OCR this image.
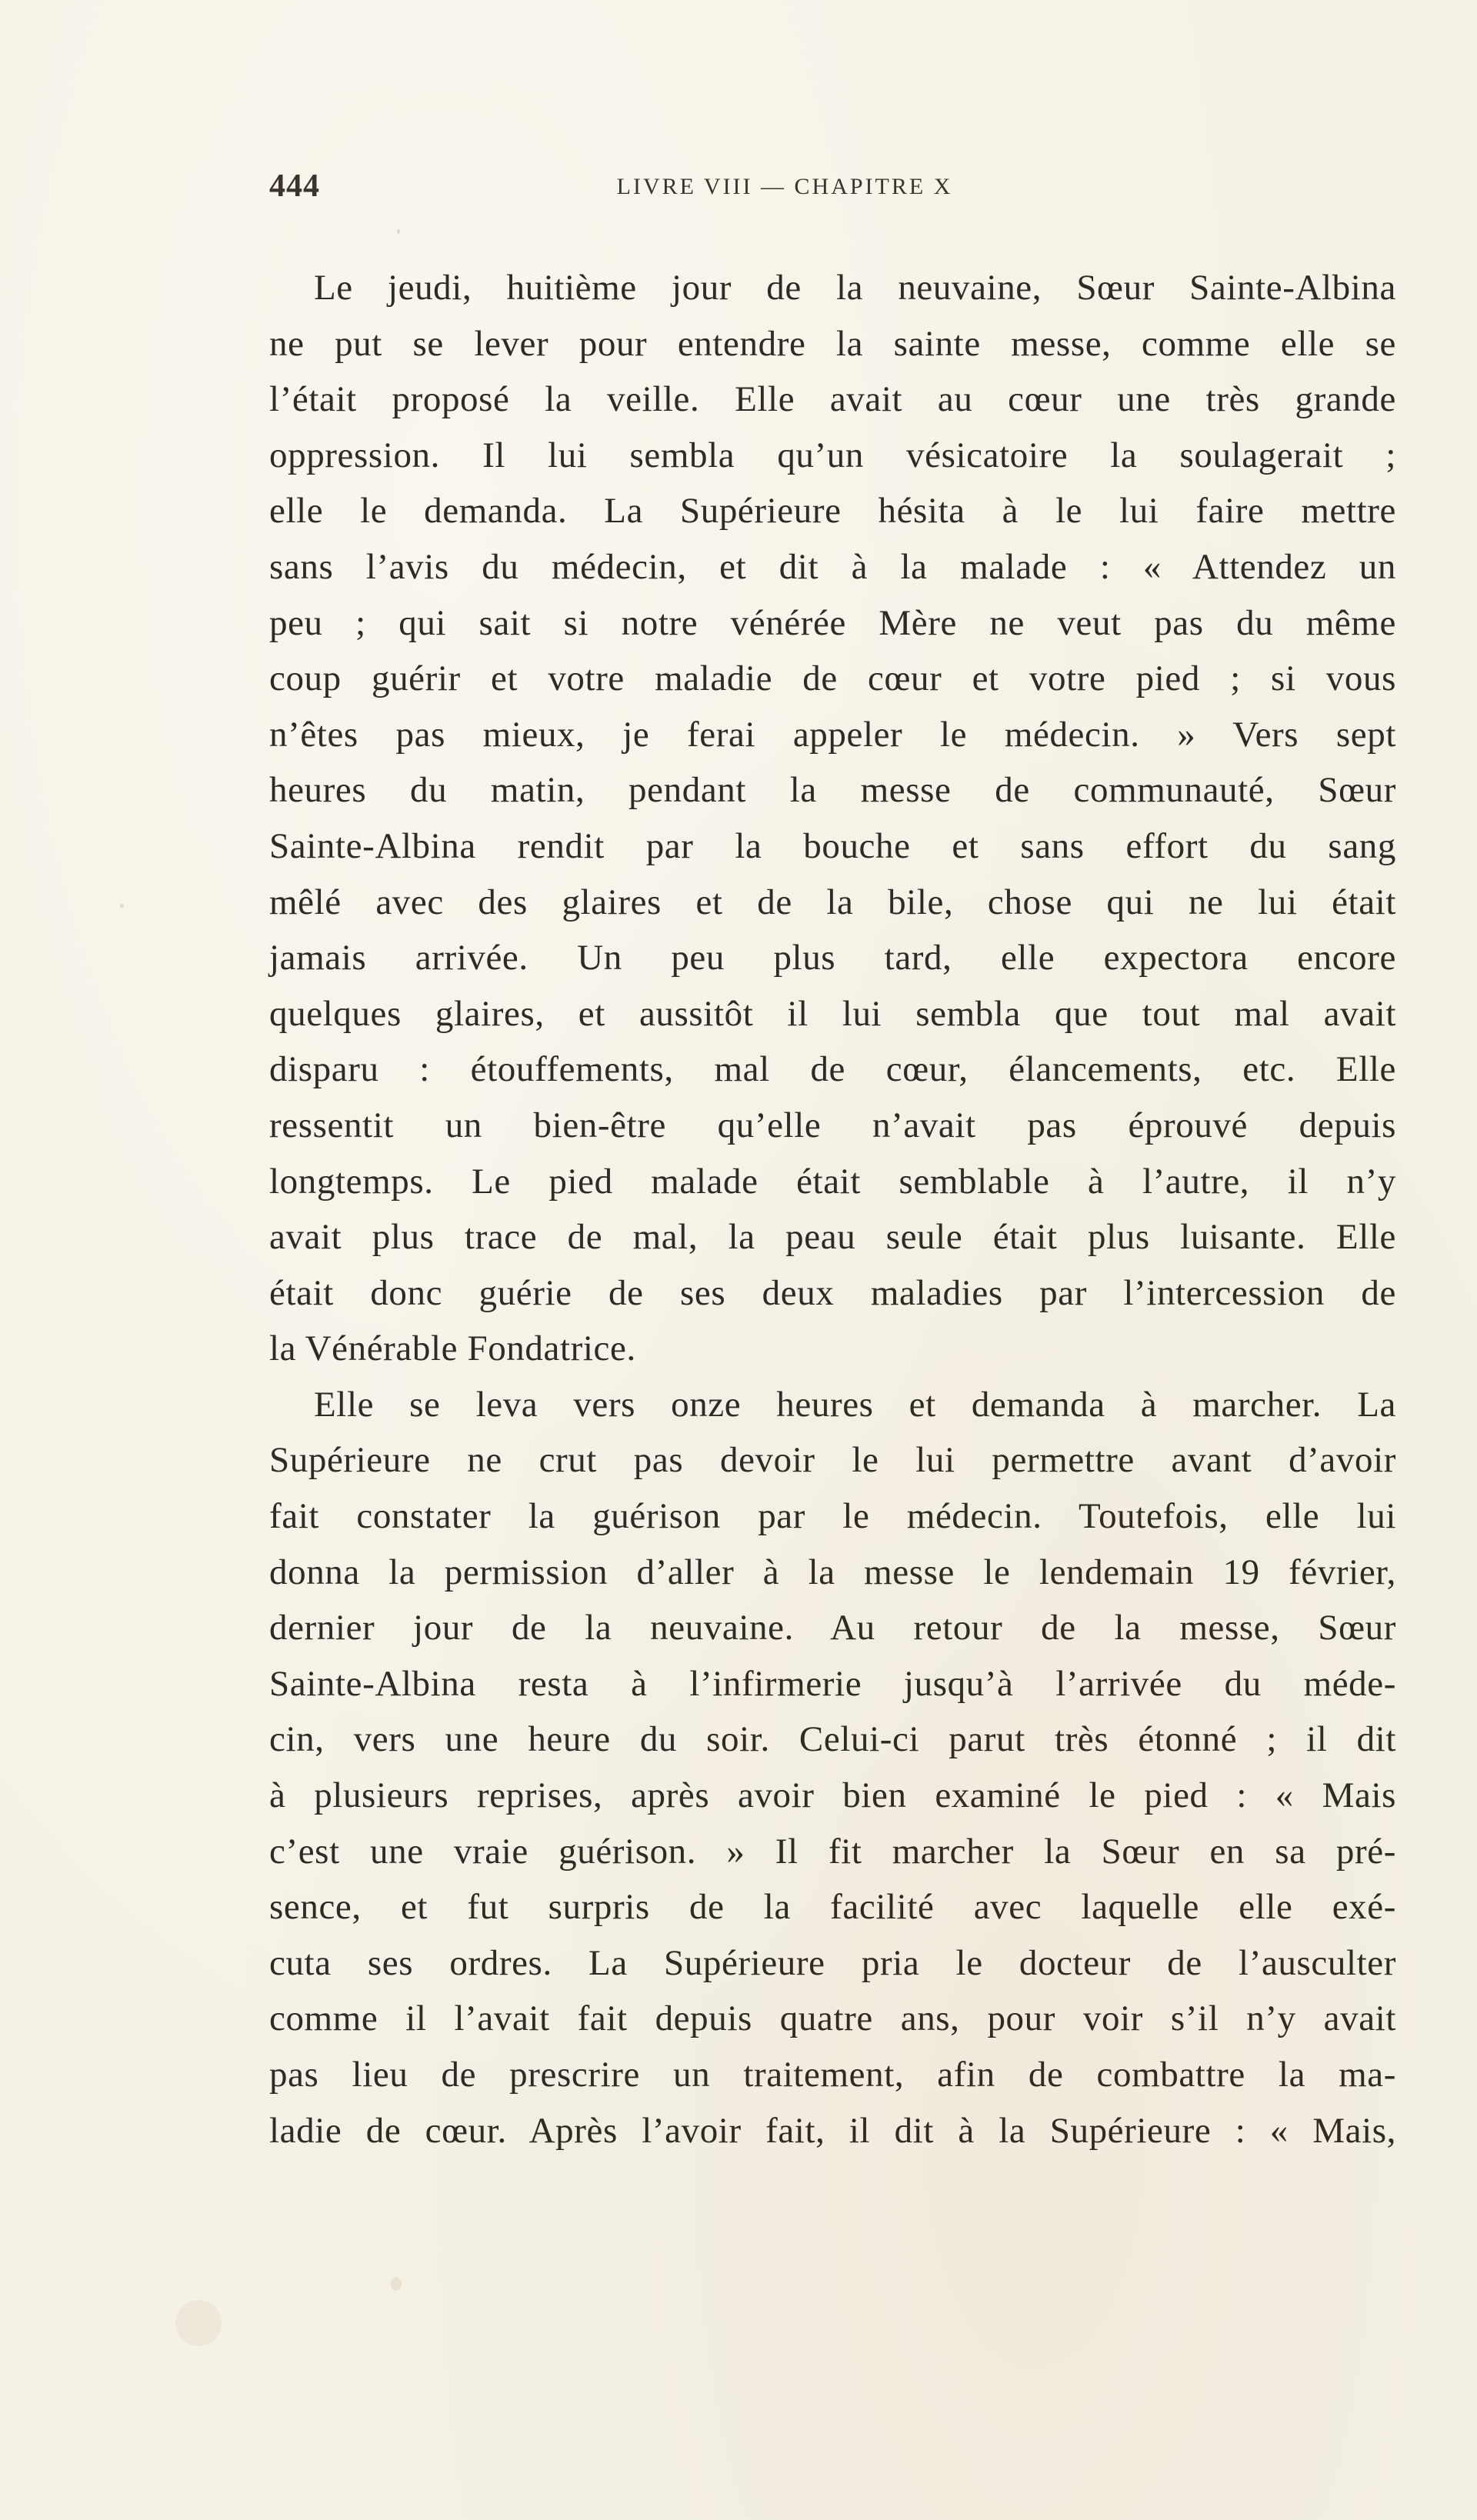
444	LIVRE VIII — CHAPITRE X
Le jeudi, huitième jour de la neuvaine, Sœur Sainte-Albina
ne put se lever pour entendre la sainte messe, comme elle se
l’était proposé la veille. Elle avait au cœur une très grande
oppression. Il lui sembla qu’un vésicatoire la soulagerait ;
elle le demanda. La Supérieure hésita à le lui faire mettre
sans l’avis du médecin, et dit à la malade : « Attendez un
peu ; qui sait si notre vénérée Mère ne veut pas du même
coup guérir et votre maladie de cœur et votre pied ; si vous
n’êtes pas mieux, je ferai appeler le médecin. » Vers sept
heures du matin, pendant la messe de communauté, Sœur
Sainte-Albina rendit par la bouche et sans effort du sang
mêlé avec des glaires et de la bile, chose qui ne lui était
jamais arrivée. Un peu plus tard, elle expectora encore
quelques glaires, et aussitôt il lui sembla que tout mal avait
disparu : étouffements, mal de cœur, élancements, etc. Elle
ressentit un bien-être qu’elle n’avait pas éprouvé depuis
longtemps. Le pied malade était semblable à l’autre, il n’y
avait plus trace de mal, la peau seule était plus luisante. Elle
était donc guérie de ses deux maladies par l’intercession de
la Vénérable Fondatrice.
Elle se leva vers onze heures et demanda à marcher. La
Supérieure ne crut pas devoir le lui permettre avant d’avoir
fait constater la guérison par le médecin. Toutefois, elle lui
donna la permission d’aller à la messe le lendemain 19 février,
dernier jour de la neuvaine. Au retour de la messe, Sœur
Sainte-Albina resta à l’infirmerie jusqu’à l’arrivée du méde-
cin, vers une heure du soir. Celui-ci parut très étonné ; il dit
à plusieurs reprises, après avoir bien examiné le pied : « Mais
c’est une vraie guérison. » Il fit marcher la Sœur en sa pré-
sence, et fut surpris de la facilité avec laquelle elle exé-
cuta ses ordres. La Supérieure pria le docteur de l’ausculter
comme il l’avait fait depuis quatre ans, pour voir s’il n’y avait
pas lieu de prescrire un traitement, afin de combattre la ma-
ladie de cœur. Après l’avoir fait, il dit à la Supérieure : « Mais,
